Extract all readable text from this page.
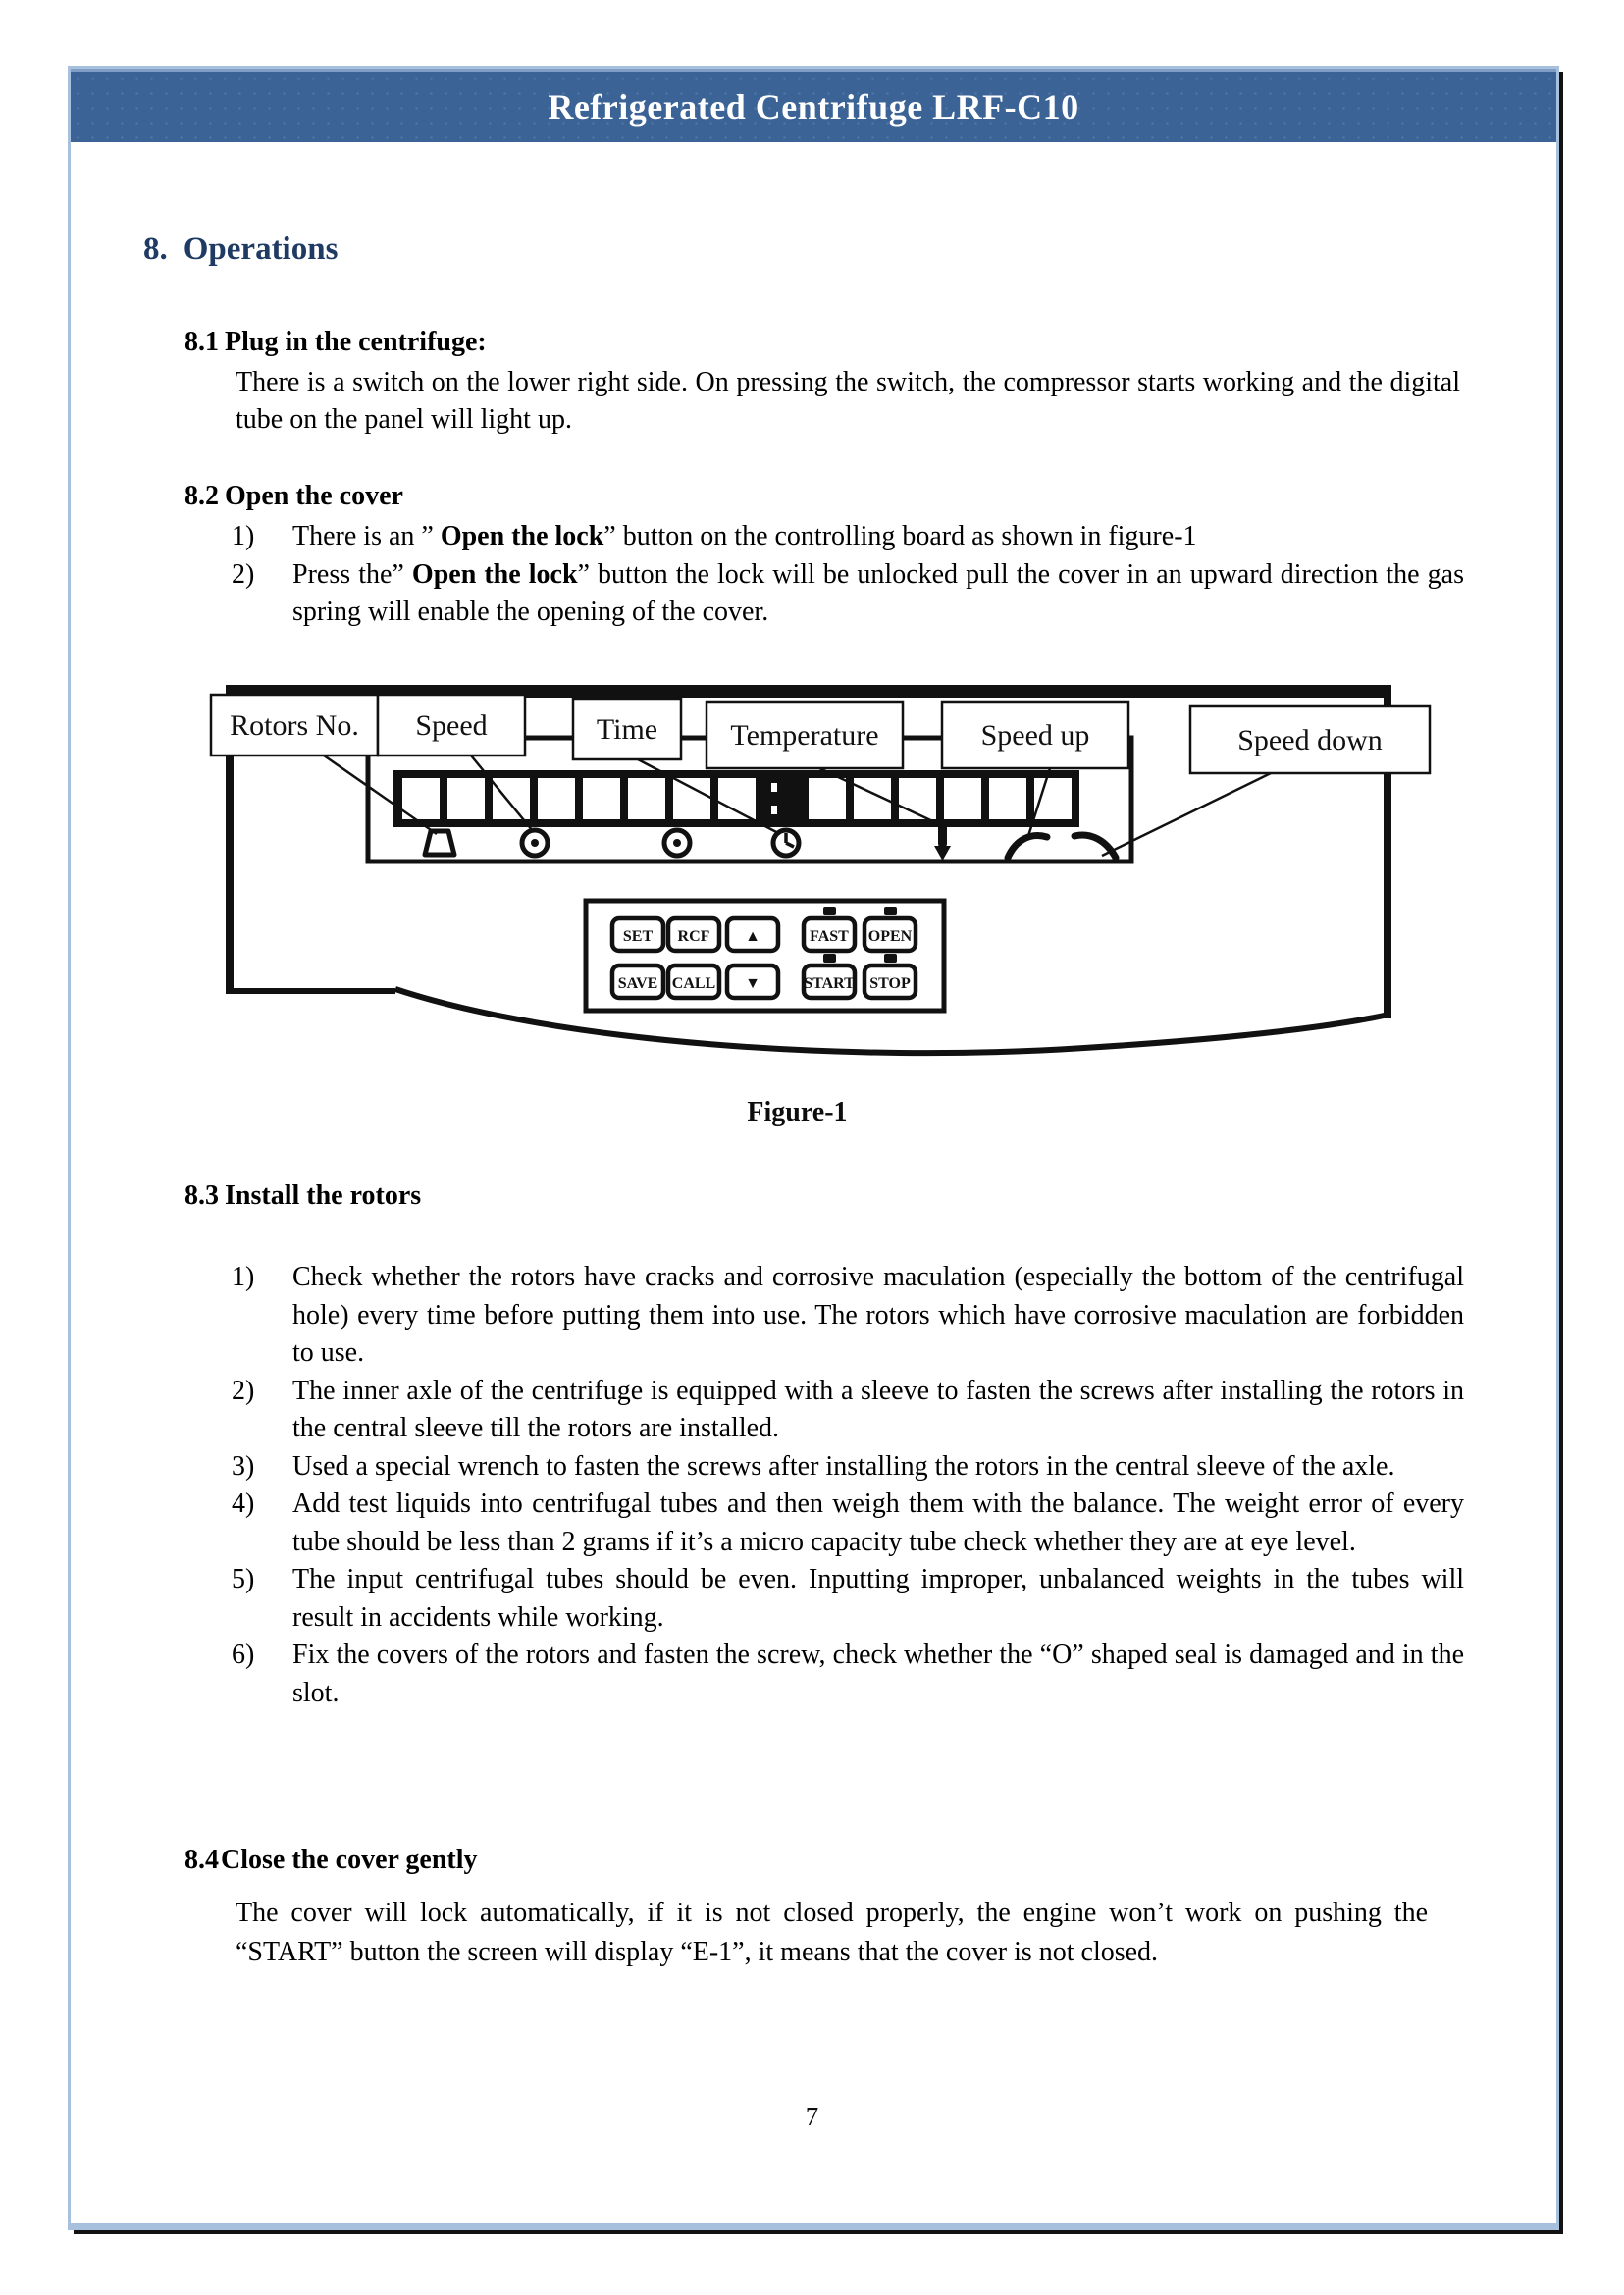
Refrigerated Centrifuge LRF-C10
8. Operations
8.1 Plug in the centrifuge:
There is a switch on the lower right side. On pressing the switch, the compressor starts working and the digital tube on the panel will light up.
8.2 Open the cover
1) There is an ” Open the lock” button on the controlling board as shown in figure-1
2) Press the” Open the lock” button the lock will be unlocked pull the cover in an upward direction the gas spring will enable the opening of the cover.
Rotors No. Speed	Time Temperature	Speed up	Speed down
SET RCF ▲	FAST OPEN
SAVE CALL ▼	START STOP
Figure-1
8.3 Install the rotors
1) Check whether the rotors have cracks and corrosive maculation (especially the bottom of the centrifugal hole) every time before putting them into use. The rotors which have corrosive maculation are forbidden to use.
2) The inner axle of the centrifuge is equipped with a sleeve to fasten the screws after installing the rotors in the central sleeve till the rotors are installed.
3) Used a special wrench to fasten the screws after installing the rotors in the central sleeve of the axle.
4) Add test liquids into centrifugal tubes and then weigh them with the balance. The weight error of every tube should be less than 2 grams if it’s a micro capacity tube check whether they are at eye level.
5) The input centrifugal tubes should be even. Inputting improper, unbalanced weights in the tubes will result in accidents while working.
6) Fix the covers of the rotors and fasten the screw, check whether the “O” shaped seal is damaged and in the slot.
8.4Close the cover gently
The cover will lock automatically, if it is not closed properly, the engine won’t work on pushing the “START” button the screen will display “E-1”, it means that the cover is not closed.
7
